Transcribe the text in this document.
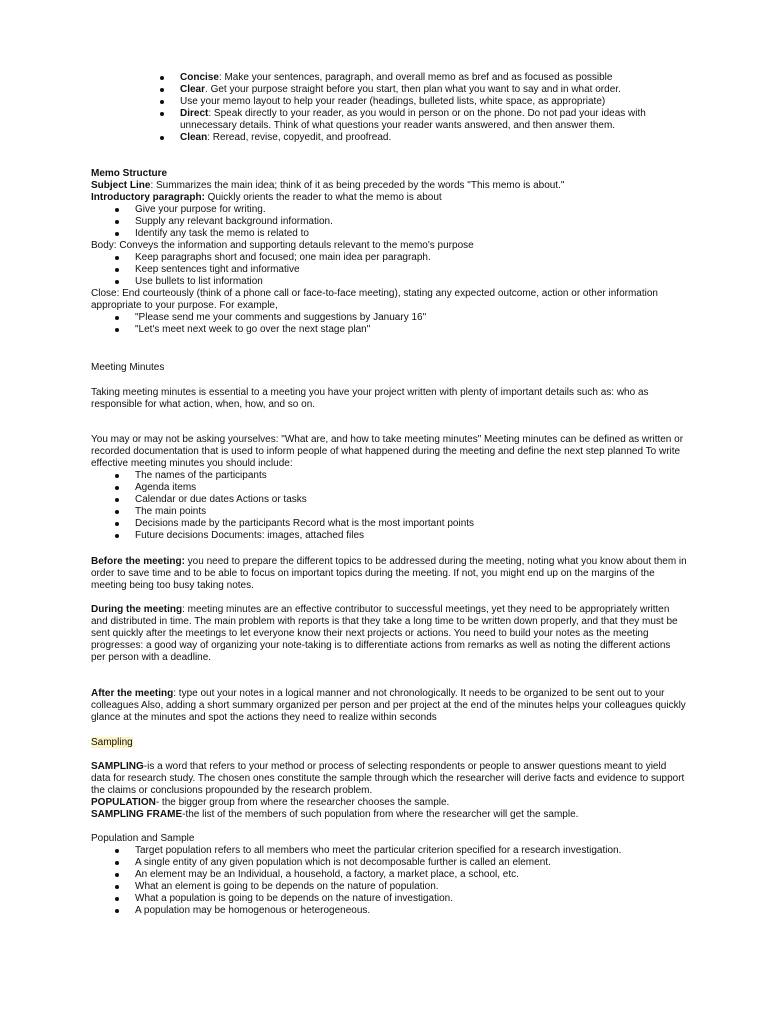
Concise: Make your sentences, paragraph, and overall memo as bref and as focused as possible
Clear. Get your purpose straight before you start, then plan what you want to say and in what order.
Use your memo layout to help your reader (headings, bulleted lists, white space, as appropriate)
Direct: Speak directly to your reader, as you would in person or on the phone. Do not pad your ideas with unnecessary details. Think of what questions your reader wants answered, and then answer them.
Clean: Reread, revise, copyedit, and proofread.

Memo Structure

Subject Line: Summarizes the main idea; think of it as being preceded by the words "This memo is about."

Introductory paragraph: Quickly orients the reader to what the memo is about

Give your purpose for writing.
Supply any relevant background information.
Identify any task the memo is related to

Body: Conveys the information and supporting detauls relevant to the memo's purpose

Keep paragraphs short and focused; one main idea per paragraph.
Keep sentences tight and informative
Use bullets to list information

Close: End courteously (think of a phone call or face-to-face meeting), stating any expected outcome, action or other information appropriate to your purpose. For example,

"Please send me your comments and suggestions by January 16"
"Let's meet next week to go over the next stage plan"
Meeting Minutes

Taking meeting minutes is essential to a meeting you have your project written with plenty of important details such as: who as

responsible for what action, when, how, and so on.

You may or may not be asking yourselves: "What are, and how to take meeting minutes" Meeting minutes can be defined as written or recorded documentation that is used to inform people of what happened during the meeting and define the next step planned To write effective meeting minutes you should include:

The names of the participants
Agenda items
Calendar or due dates Actions or tasks
The main points
Decisions made by the participants Record what is the most important points
Future decisions Documents: images, attached files

Before the meeting: you need to prepare the different topics to be addressed during the meeting, noting what you know about them in order to save time and to be able to focus on important topics during the meeting. If not, you might end up on the margins of the meeting being too busy taking notes.

During the meeting: meeting minutes are an effective contributor to successful meetings, yet they need to be appropriately written

and distributed in time. The main problem with reports is that they take a long time to be written down properly, and that they must be sent quickly after the meetings to let everyone know their next projects or actions. You need to build your notes as the meeting progresses: a good way of organizing your note-taking is to differentiate actions from remarks as well as noting the different actions per person with a deadline.

After the meeting: type out your notes in a logical manner and not chronologically. It needs to be organized to be sent out to your colleagues Also, adding a short summary organized per person and per project at the end of the minutes helps your colleagues quickly glance at the minutes and spot the actions they need to realize within seconds

Sampling

SAMPLING-is a word that refers to your method or process of selecting respondents or people to answer questions meant to yield data for research study. The chosen ones constitute the sample through which the researcher will derive facts and evidence to support the claims or conclusions propounded by the research problem.

POPULATION- the bigger group from where the researcher chooses the sample.

SAMPLING FRAME-the list of the members of such population from where the researcher will get the sample.

Population and Sample

Target population refers to all members who meet the particular criterion specified for a research investigation.
A single entity of any given population which is not decomposable further is called an element.
An element may be an Individual, a household, a factory, a market place, a school, etc.
What an element is going to be depends on the nature of population.
What a population is going to be depends on the nature of investigation.
A population may be homogenous or heterogeneous.
